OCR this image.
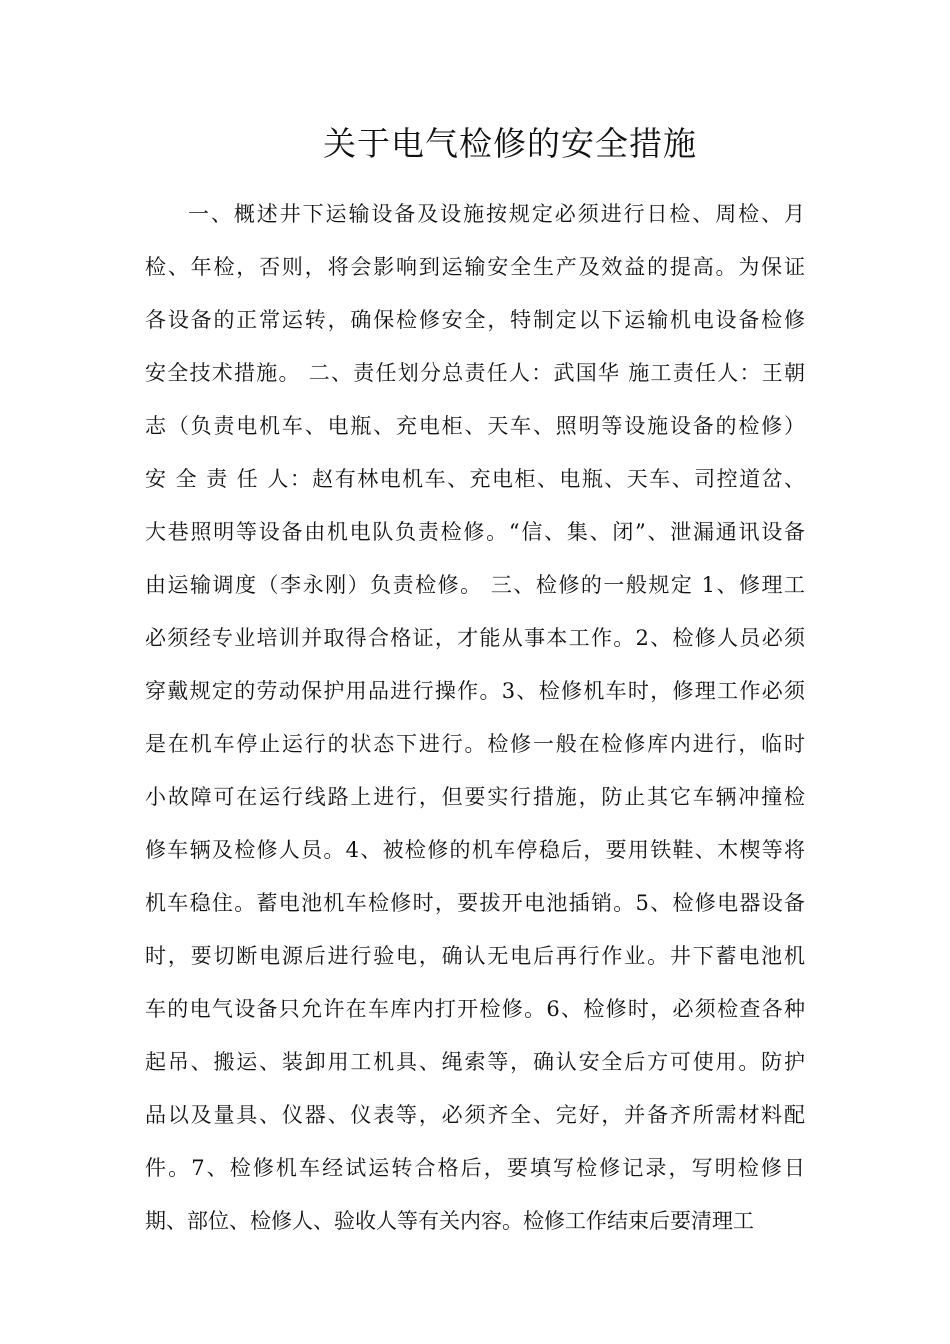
关于电气检修的安全措施
一、概述井下运输设备及设施按规定必须进行日检、周检、月
检、年检，否则，将会影响到运输安全生产及效益的提高。为保证
各设备的正常运转，确保检修安全，特制定以下运输机电设备检修
安全技术措施。 二、责任划分总责任人：武国华 施工责任人：王朝
志（负责电机车、电瓶、充电柜、天车、照明等设施设备的检修）
安 全 责 任 人：赵有林电机车、充电柜、电瓶、天车、司控道岔、
大巷照明等设备由机电队负责检修。“信、集、闭”、泄漏通讯设备
由运输调度（李永刚）负责检修。 三、检修的一般规定 1、修理工
必须经专业培训并取得合格证，才能从事本工作。2、检修人员必须
穿戴规定的劳动保护用品进行操作。3、检修机车时，修理工作必须
是在机车停止运行的状态下进行。检修一般在检修库内进行，临时
小故障可在运行线路上进行，但要实行措施，防止其它车辆冲撞检
修车辆及检修人员。4、被检修的机车停稳后，要用铁鞋、木楔等将
机车稳住。蓄电池机车检修时，要拔开电池插销。5、检修电器设备
时，要切断电源后进行验电，确认无电后再行作业。井下蓄电池机
车的电气设备只允许在车库内打开检修。6、检修时，必须检查各种
起吊、搬运、装卸用工机具、绳索等，确认安全后方可使用。防护
品以及量具、仪器、仪表等，必须齐全、完好，并备齐所需材料配
件。7、检修机车经试运转合格后，要填写检修记录，写明检修日
期、部位、检修人、验收人等有关内容。检修工作结束后要清理工
